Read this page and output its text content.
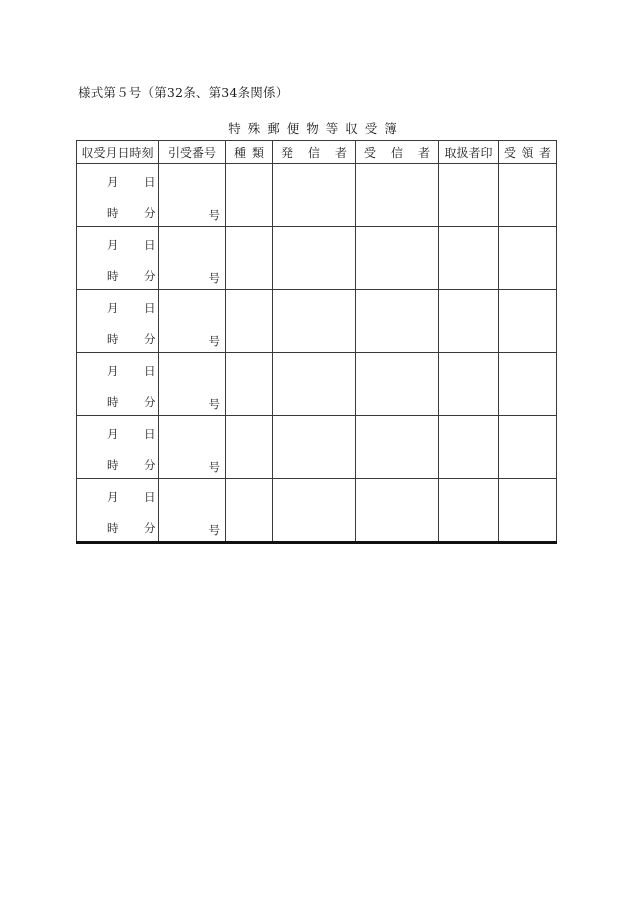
様式第５号（第32条、第34条関係）
特殊郵便物等収受簿
収受月日時刻	引受番号	種 類	発 信 者	受 信 者	取扱者印	受 領 者

月 日
時 分	号					

月 日
時 分	号					

月 日
時 分	号					

月 日
時 分	号					

月 日
時 分	号					

月 日
時 分	号					
